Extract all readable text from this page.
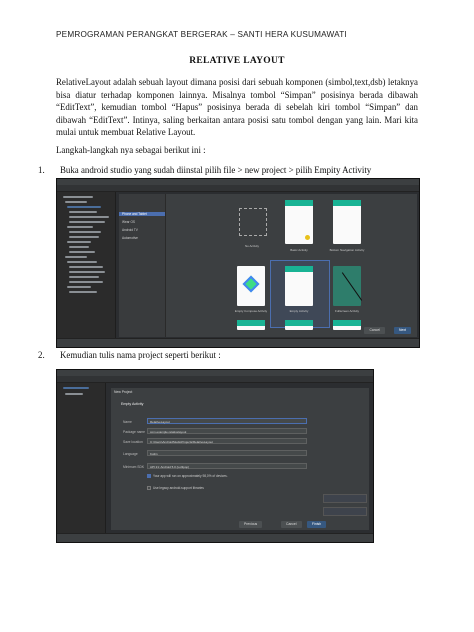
PEMROGRAMAN PERANGKAT BERGERAK – SANTI HERA KUSUMAWATI
RELATIVE LAYOUT
RelativeLayout adalah sebuah layout dimana posisi dari sebuah komponen (simbol,text,dsb) letaknya bisa diatur terhadap komponen lainnya. Misalnya tombol “Simpan” posisinya berada dibawah “EditText”, kemudian tombol “Hapus” posisinya berada di sebelah kiri tombol “Simpan” dan dibawah “EditText”. Intinya, saling berkaitan antara posisi satu tombol dengan yang lain. Mari kita mulai untuk membuat Relative Layout.
Langkah-langkah nya sebagai berikut ini :
1. Buka android studio yang sudah diinstal pilih file > new project > pilih Empity Activity
Phone and Tablet
Wear OS
Android TV
Automotive
No Activity
Basic Activity	Bottom Navigation Activity
Empty Compose Activity	Empty Activity	Fullscreen Activity
Cancel	Next
2. Kemudian tulis nama project seperti berikut :
New Project
Empty Activity
Name	RelativeLayout
Package name	com.example.relativelayout
Save location	C:\Users\AndroidStudioProjects\RelativeLayout
Language	Kotlin
Minimum SDK	API 21: Android 5.0 (Lollipop)
Your app will run on approximately 98,0% of devices.
Use legacy android.support libraries
Previous	Cancel	Finish
